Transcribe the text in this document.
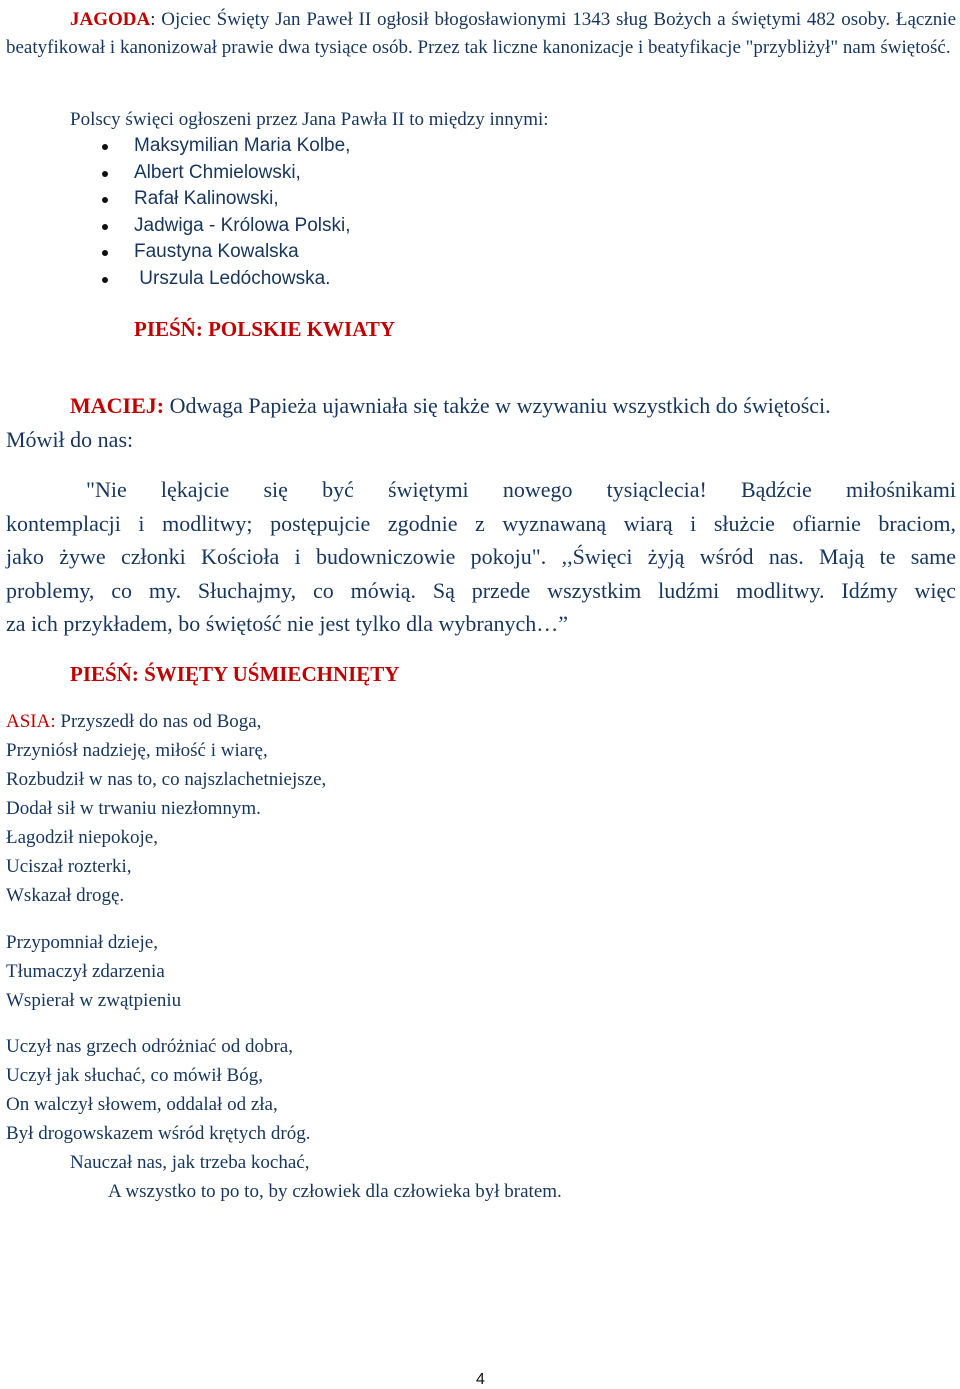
JAGODA: Ojciec Święty Jan Paweł II ogłosił błogosławionymi 1343 sług Bożych a świętymi 482 osoby. Łącznie beatyfikował i kanonizował prawie dwa tysiące osób. Przez tak liczne kanonizacje i beatyfikacje "przybliżył" nam świętość.
Polscy święci ogłoszeni przez Jana Pawła II to między innymi:
Maksymilian Maria Kolbe,
Albert Chmielowski,
Rafał Kalinowski,
Jadwiga - Królowa Polski,
Faustyna Kowalska
Urszula Ledóchowska.
PIEŚŃ: POLSKIE KWIATY
MACIEJ: Odwaga Papieża ujawniała się także w wzywaniu wszystkich do świętości.
Mówił do nas:
"Nie lękajcie się być świętymi nowego tysiąclecia! Bądźcie miłośnikami
kontemplacji i modlitwy; postępujcie zgodnie z wyznawaną wiarą i służcie ofiarnie braciom,
jako żywe członki Kościoła i budowniczowie pokoju". ,,Święci żyją wśród nas. Mają te same
problemy, co my. Słuchajmy, co mówią. Są przede wszystkim ludźmi modlitwy. Idźmy więc
za ich przykładem, bo świętość nie jest tylko dla wybranych…”
PIEŚŃ: ŚWIĘTY UŚMIECHNIĘTY
ASIA: Przyszedł do nas od Boga,
Przyniósł nadzieję, miłość i wiarę,
Rozbudził w nas to, co najszlachetniejsze,
Dodał sił w trwaniu niezłomnym.
Łagodził niepokoje,
Uciszał rozterki,
Wskazał drogę.
Przypomniał dzieje,
Tłumaczył zdarzenia
Wspierał w zwątpieniu
Uczył nas grzech odróżniać od dobra,
Uczył jak słuchać, co mówił Bóg,
On walczył słowem, oddalał od zła,
Był drogowskazem wśród krętych dróg.
Nauczał nas, jak trzeba kochać,
A wszystko to po to, by człowiek dla człowieka był bratem.
4
